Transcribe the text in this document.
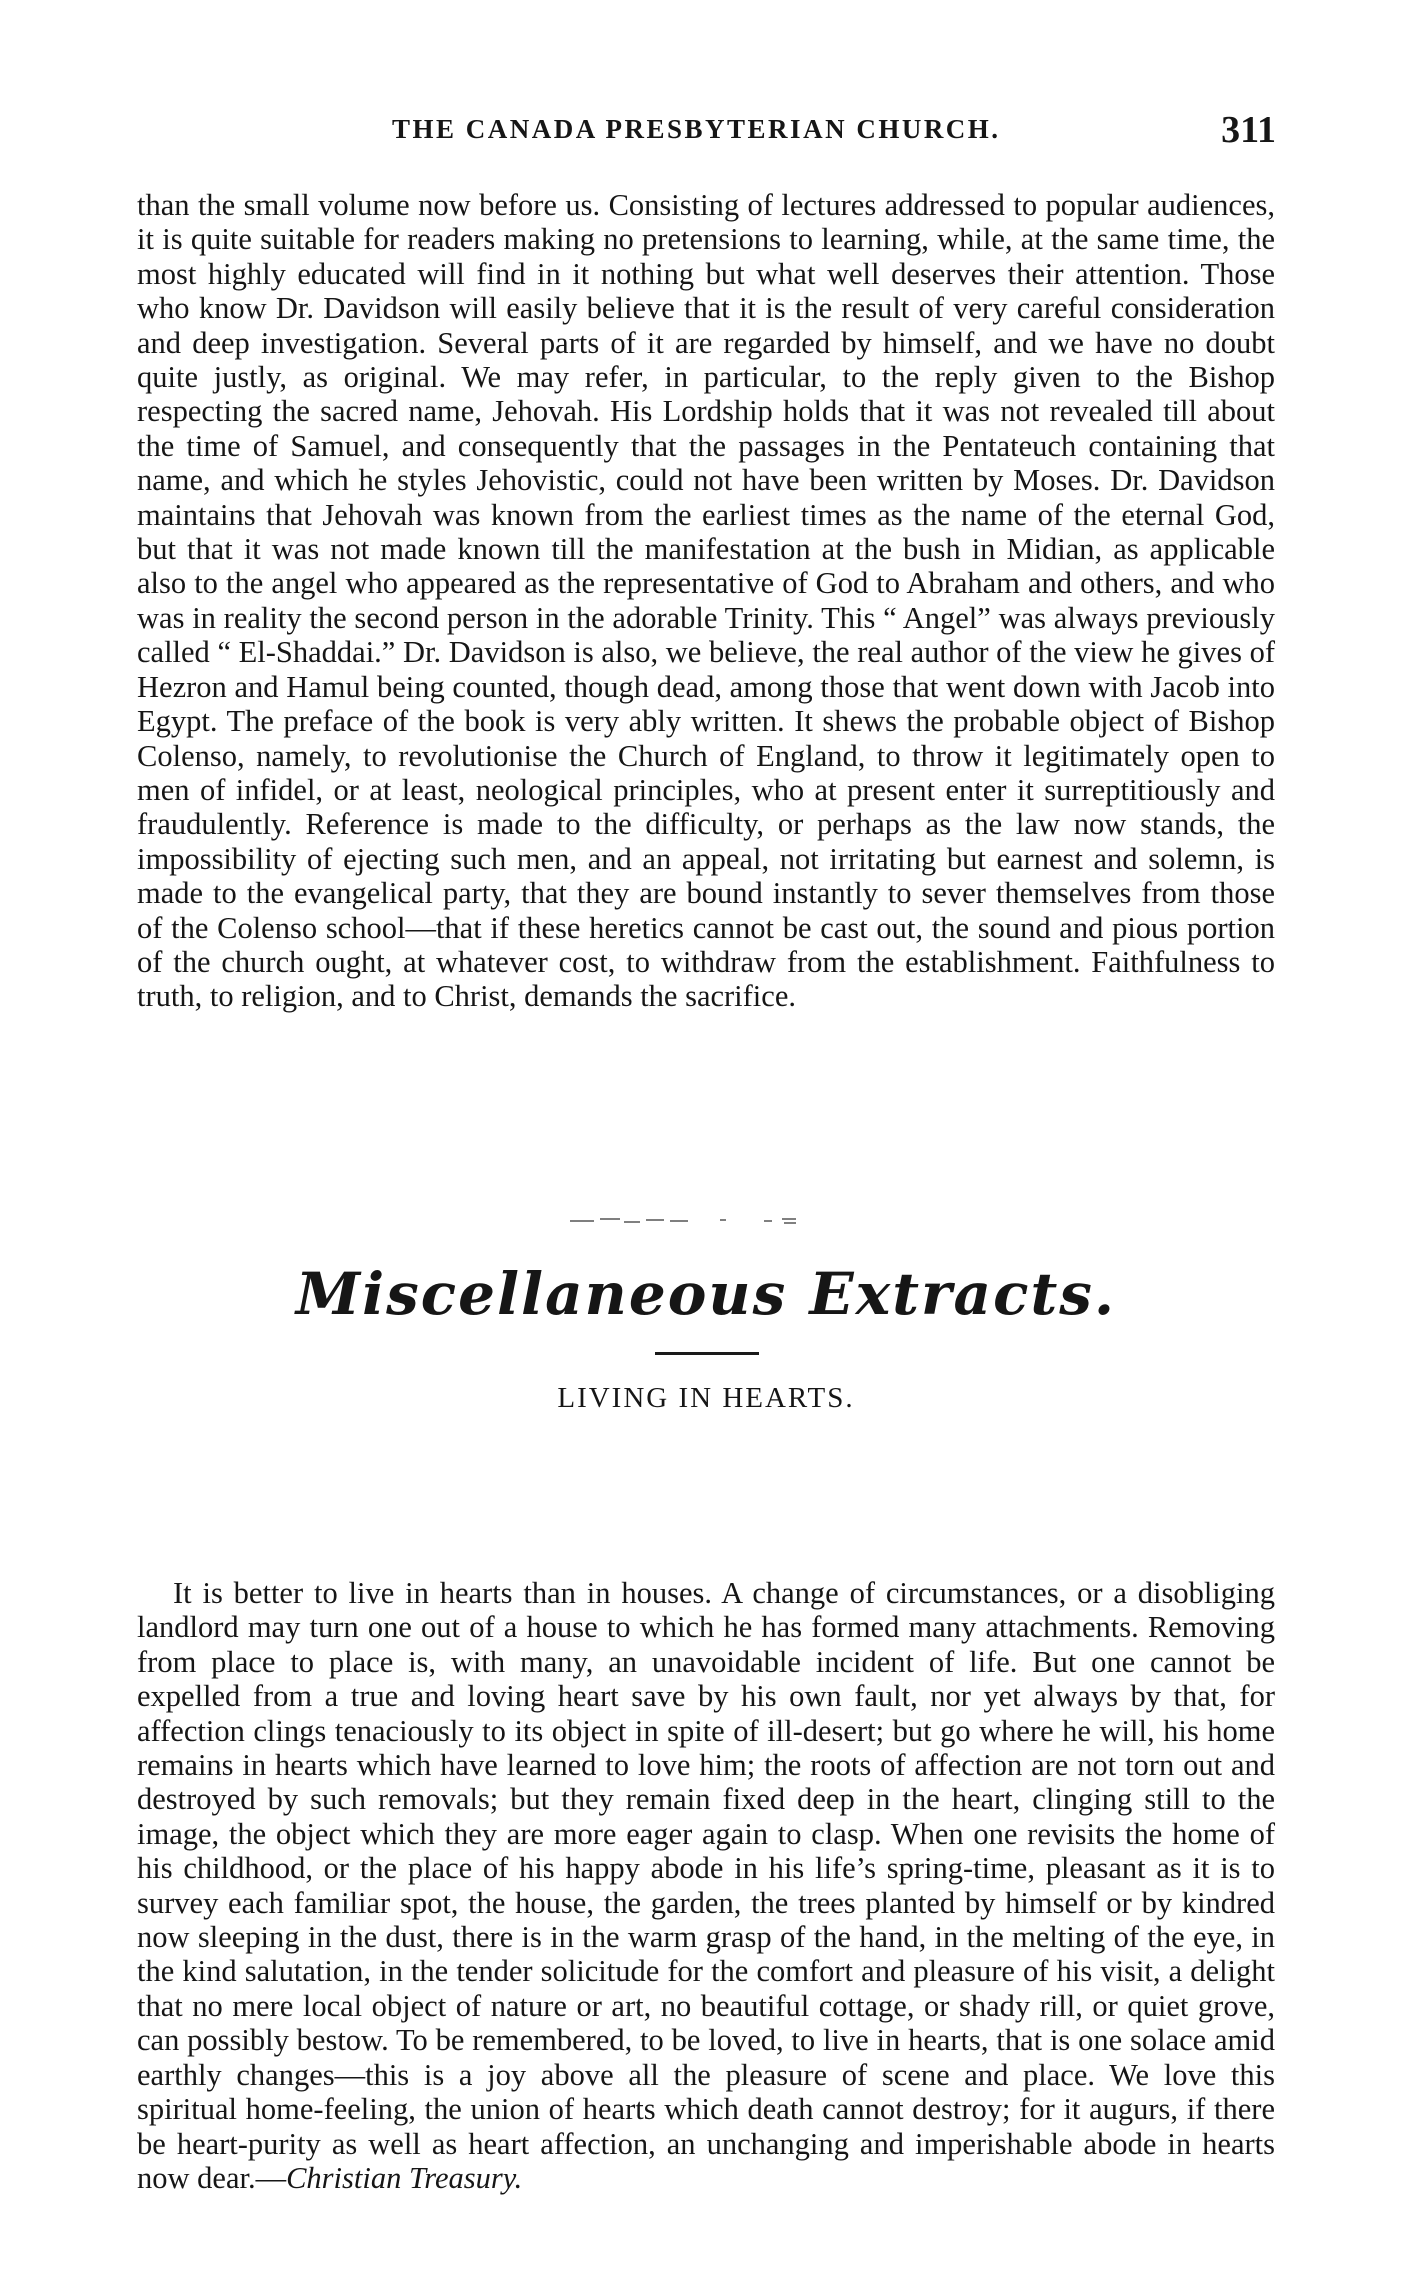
THE CANADA PRESBYTERIAN CHURCH.	311

than the small volume now before us. Consisting of lectures addressed to popular audiences, it is quite suitable for readers making no pretensions to learning, while, at the same time, the most highly educated will find in it nothing but what well deserves their attention. Those who know Dr. Davidson will easily believe that it is the result of very careful consideration and deep investigation. Several parts of it are regarded by himself, and we have no doubt quite justly, as original. We may refer, in particular, to the reply given to the Bishop respecting the sacred name, Jehovah. His Lordship holds that it was not revealed till about the time of Samuel, and consequently that the passages in the Pentateuch containing that name, and which he styles Jehovistic, could not have been written by Moses. Dr. Davidson maintains that Jehovah was known from the earliest times as the name of the eternal God, but that it was not made known till the manifestation at the bush in Midian, as applicable also to the angel who appeared as the representative of God to Abraham and others, and who was in reality the second person in the adorable Trinity. This “ Angel” was always previously called “ El-Shaddai.” Dr. Davidson is also, we believe, the real author of the view he gives of Hezron and Hamul being counted, though dead, among those that went down with Jacob into Egypt. The preface of the book is very ably written. It shews the probable object of Bishop Colenso, namely, to revolutionise the Church of England, to throw it legitimately open to men of infidel, or at least, neological principles, who at present enter it surreptitiously and fraudulently. Reference is made to the difficulty, or perhaps as the law now stands, the impossibility of ejecting such men, and an appeal, not irritating but earnest and solemn, is made to the evangelical party, that they are bound instantly to sever themselves from those of the Colenso school—that if these heretics cannot be cast out, the sound and pious portion of the church ought, at whatever cost, to withdraw from the establishment. Faithfulness to truth, to religion, and to Christ, demands the sacrifice.

Miscellaneous Extracts.
LIVING IN HEARTS.

It is better to live in hearts than in houses. A change of circumstances, or a disobliging landlord may turn one out of a house to which he has formed many attachments. Removing from place to place is, with many, an unavoidable incident of life. But one cannot be expelled from a true and loving heart save by his own fault, nor yet always by that, for affection clings tenaciously to its object in spite of ill-desert; but go where he will, his home remains in hearts which have learned to love him; the roots of affection are not torn out and destroyed by such removals; but they remain fixed deep in the heart, clinging still to the image, the object which they are more eager again to clasp. When one revisits the home of his childhood, or the place of his happy abode in his life’s spring-time, pleasant as it is to survey each familiar spot, the house, the garden, the trees planted by himself or by kindred now sleeping in the dust, there is in the warm grasp of the hand, in the melting of the eye, in the kind salutation, in the tender solicitude for the comfort and pleasure of his visit, a delight that no mere local object of nature or art, no beautiful cottage, or shady rill, or quiet grove, can possibly bestow. To be remembered, to be loved, to live in hearts, that is one solace amid earthly changes—this is a joy above all the pleasure of scene and place. We love this spiritual home-feeling, the union of hearts which death cannot destroy; for it augurs, if there be heart-purity as well as heart affection, an unchanging and imperishable abode in hearts now dear.—Christian Treasury.
